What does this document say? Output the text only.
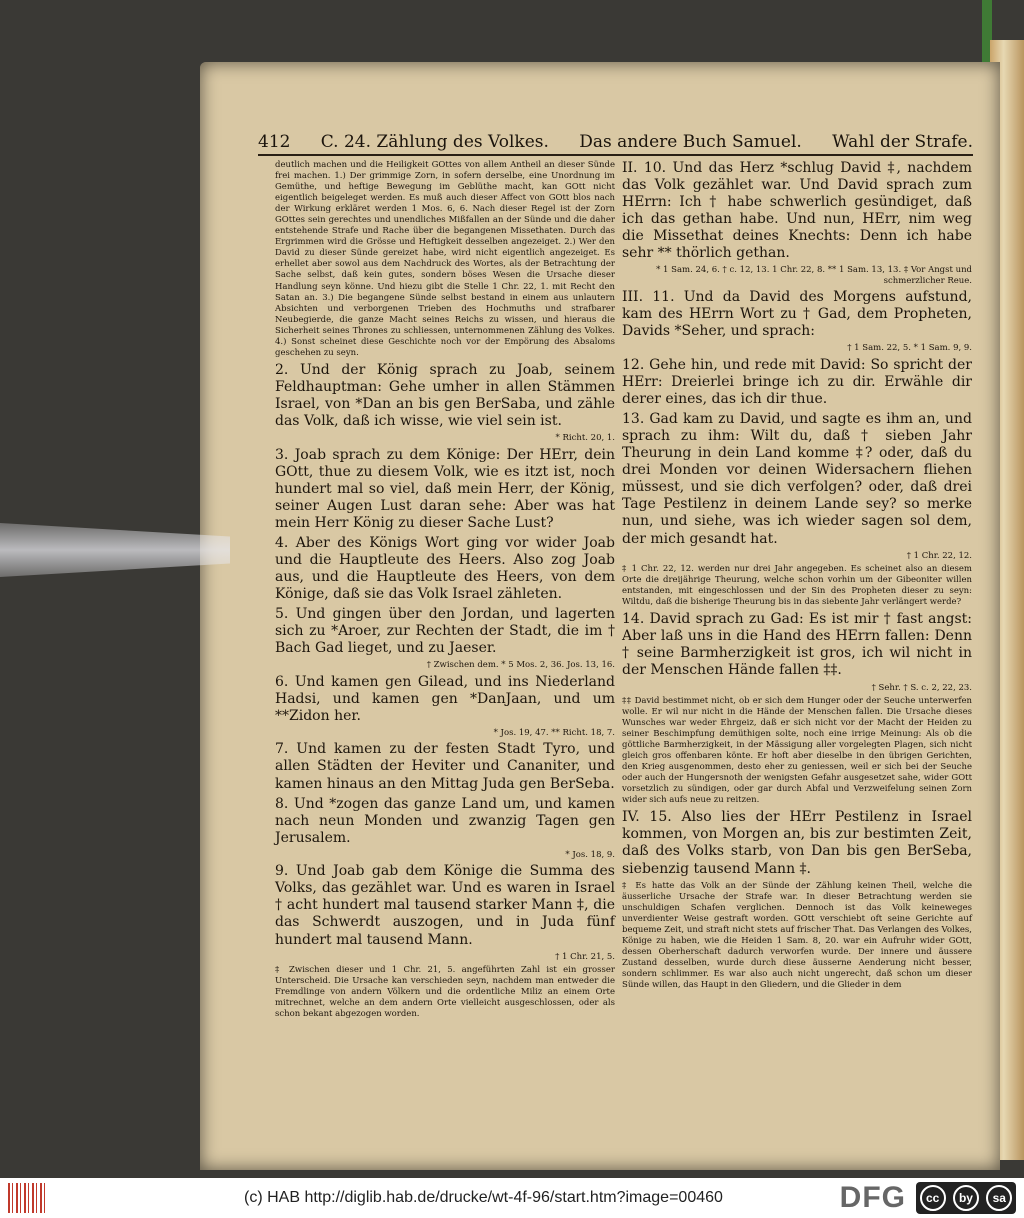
412 C. 24. Zählung des Volkes. Das andere Buch Samuel. Wahl der Strafe.

deutlich machen und die Heiligkeit GOttes von allem Antheil an dieser Sünde frei machen. 1.) Der grimmige Zorn, in sofern derselbe, eine Unordnung im Gemüthe, und heftige Bewegung im Geblüthe macht, kan GOtt nicht eigentlich beigeleget werden. Es muß auch dieser Affect von GOtt blos nach der Wirkung erkläret werden 1 Mos. 6, 6. Nach dieser Regel ist der Zorn GOttes sein gerechtes und unendliches Mißfallen an der Sünde und die daher entstehende Strafe und Rache über die begangenen Missethaten. Durch das Ergrimmen wird die Grösse und Heftigkeit desselben angezeiget. 2.) Wer den David zu dieser Sünde gereizet habe, wird nicht eigentlich angezeiget. Es erhellet aber sowol aus dem Nachdruck des Wortes, als der Betrachtung der Sache selbst, daß kein gutes, sondern böses Wesen die Ursache dieser Handlung seyn könne. Und hiezu gibt die Stelle 1 Chr. 22, 1. mit Recht den Satan an. 3.) Die begangene Sünde selbst bestand in einem aus unlautern Absichten und verborgenen Trieben des Hochmuths und strafbarer Neubegierde, die ganze Macht seines Reichs zu wissen, und hieraus die Sicherheit seines Thrones zu schliessen, unternommenen Zählung des Volkes. 4.) Sonst scheinet diese Geschichte noch vor der Empörung des Absaloms geschehen zu seyn.

2. Und der König sprach zu Joab, seinem Feldhauptman: Gehe umher in allen Stämmen Israel, von *Dan an bis gen BerSaba, und zähle das Volk, daß ich wisse, wie viel sein ist.

* Richt. 20, 1.

3. Joab sprach zu dem Könige: Der HErr, dein GOtt, thue zu diesem Volk, wie es itzt ist, noch hundert mal so viel, daß mein Herr, der König, seiner Augen Lust daran sehe: Aber was hat mein Herr König zu dieser Sache Lust?

4. Aber des Königs Wort ging vor wider Joab und die Hauptleute des Heers. Also zog Joab aus, und die Hauptleute des Heers, von dem Könige, daß sie das Volk Israel zähleten.

5. Und gingen über den Jordan, und lagerten sich zu *Aroer, zur Rechten der Stadt, die im † Bach Gad lieget, und zu Jaeser.

† Zwischen dem. * 5 Mos. 2, 36. Jos. 13, 16.

6. Und kamen gen Gilead, und ins Niederland Hadsi, und kamen gen *DanJaan, und um **Zidon her.

* Jos. 19, 47. ** Richt. 18, 7.

7. Und kamen zu der festen Stadt Tyro, und allen Städten der Heviter und Cananiter, und kamen hinaus an den Mittag Juda gen BerSeba.

8. Und *zogen das ganze Land um, und kamen nach neun Monden und zwanzig Tagen gen Jerusalem.

* Jos. 18, 9.

9. Und Joab gab dem Könige die Summa des Volks, das gezählet war. Und es waren in Israel † acht hundert mal tausend starker Mann ‡, die das Schwerdt auszogen, und in Juda fünf hundert mal tausend Mann.

† 1 Chr. 21, 5.

‡ Zwischen dieser und 1 Chr. 21, 5. angeführten Zahl ist ein grosser Unterscheid. Die Ursache kan verschieden seyn, nachdem man entweder die Fremdlinge von andern Völkern und die ordentliche Miliz an einem Orte mitrechnet, welche an dem andern Orte vielleicht ausgeschlossen, oder als schon bekant abgezogen worden.

II. 10. Und das Herz *schlug David ‡, nachdem das Volk gezählet war. Und David sprach zum HErrn: Ich † habe schwerlich gesündiget, daß ich das gethan habe. Und nun, HErr, nim weg die Missethat deines Knechts: Denn ich habe sehr ** thörlich gethan.

* 1 Sam. 24, 6. † c. 12, 13. 1 Chr. 22, 8. ** 1 Sam. 13, 13. ‡ Vor Angst und schmerzlicher Reue.

III. 11. Und da David des Morgens aufstund, kam des HErrn Wort zu † Gad, dem Propheten, Davids *Seher, und sprach:

† 1 Sam. 22, 5. * 1 Sam. 9, 9.

12. Gehe hin, und rede mit David: So spricht der HErr: Dreierlei bringe ich zu dir. Erwähle dir derer eines, das ich dir thue.

13. Gad kam zu David, und sagte es ihm an, und sprach zu ihm: Wilt du, daß † sieben Jahr Theurung in dein Land komme ‡? oder, daß du drei Monden vor deinen Widersachern fliehen müssest, und sie dich verfolgen? oder, daß drei Tage Pestilenz in deinem Lande sey? so merke nun, und siehe, was ich wieder sagen sol dem, der mich gesandt hat.

† 1 Chr. 22, 12.

‡ 1 Chr. 22, 12. werden nur drei Jahr angegeben. Es scheinet also an diesem Orte die dreijährige Theurung, welche schon vorhin um der Gibeoniter willen entstanden, mit eingeschlossen und der Sin des Propheten dieser zu seyn: Wiltdu, daß die bisherige Theurung bis in das siebente Jahr verlängert werde?

14. David sprach zu Gad: Es ist mir † fast angst: Aber laß uns in die Hand des HErrn fallen: Denn † seine Barmherzigkeit ist gros, ich wil nicht in der Menschen Hände fallen ‡‡.

† Sehr. † S. c. 2, 22, 23.

‡‡ David bestimmet nicht, ob er sich dem Hunger oder der Seuche unterwerfen wolle. Er wil nur nicht in die Hände der Menschen fallen. Die Ursache dieses Wunsches war weder Ehrgeiz, daß er sich nicht vor der Macht der Heiden zu seiner Beschimpfung demüthigen solte, noch eine irrige Meinung: Als ob die göttliche Barmherzigkeit, in der Mässigung aller vorgelegten Plagen, sich nicht gleich gros offenbaren könte. Er hoft aber dieselbe in den übrigen Gerichten, den Krieg ausgenommen, desto eher zu geniessen, weil er sich bei der Seuche oder auch der Hungersnoth der wenigsten Gefahr ausgesetzet sahe, wider GOtt vorsetzlich zu sündigen, oder gar durch Abfal und Verzweifelung seinen Zorn wider sich aufs neue zu reitzen.

IV. 15. Also lies der HErr Pestilenz in Israel kommen, von Morgen an, bis zur bestimten Zeit, daß des Volks starb, von Dan bis gen BerSeba, siebenzig tausend Mann ‡.

‡ Es hatte das Volk an der Sünde der Zählung keinen Theil, welche die äusserliche Ursache der Strafe war. In dieser Betrachtung werden sie unschuldigen Schafen verglichen. Dennoch ist das Volk keineweges unverdienter Weise gestraft worden. GOtt verschiebt oft seine Gerichte auf bequeme Zeit, und straft nicht stets auf frischer That. Das Verlangen des Volkes, Könige zu haben, wie die Heiden 1 Sam. 8, 20. war ein Aufruhr wider GOtt, dessen Oberherschaft dadurch verworfen wurde. Der innere und äussere Zustand desselben, wurde durch diese äusserne Aenderung nicht besser, sondern schlimmer. Es war also auch nicht ungerecht, daß schon um dieser Sünde willen, das Haupt in den Gliedern, und die Glieder in dem

(c) HAB http://diglib.hab.de/drucke/wt-4f-96/start.htm?image=00460	DFG	cc	by	sa
